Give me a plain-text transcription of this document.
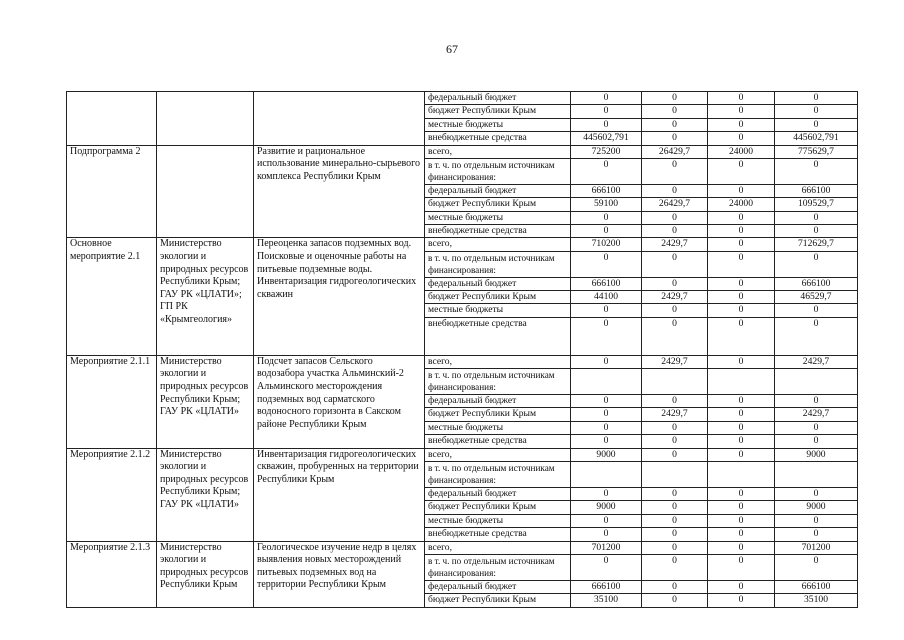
67
			федеральный бюджет	0	0	0	0
			бюджет Республики Крым	0	0	0	0
			местные бюджеты	0	0	0	0
			внебюджетные средства	445602,791	0	0	445602,791
Подпрограмма 2		Развитие и рациональное использование минерально-сырьевого комплекса Республики Крым	всего,	725200	26429,7	24000	775629,7
			в т. ч. по отдельным источникам финансирования:	0	0	0	0
			федеральный бюджет	666100	0	0	666100
			бюджет Республики Крым	59100	26429,7	24000	109529,7
			местные бюджеты	0	0	0	0
			внебюджетные средства	0	0	0	0
Основное мероприятие 2.1	Министерство экологии и природных ресурсов Республики Крым; ГАУ РК «ЦЛАТИ»; ГП РК «Крымгеология»	Переоценка запасов подземных вод. Поисковые и оценочные работы на питьевые подземные воды. Инвентаризация гидрогеологических скважин	всего,	710200	2429,7	0	712629,7
			в т. ч. по отдельным источникам финансирования:	0	0	0	0
			федеральный бюджет	666100	0	0	666100
			бюджет Республики Крым	44100	2429,7	0	46529,7
			местные бюджеты	0	0	0	0
			внебюджетные средства	0	0	0	0
Мероприятие 2.1.1	Министерство экологии и природных ресурсов Республики Крым; ГАУ РК «ЦЛАТИ»	Подсчет запасов Сельского водозабора участка Альминский-2 Альминского месторождения подземных вод сарматского водоносного горизонта в Сакском районе Республики Крым	всего,	0	2429,7	0	2429,7
			в т. ч. по отдельным источникам финансирования:				
			федеральный бюджет	0	0	0	0
			бюджет Республики Крым	0	2429,7	0	2429,7
			местные бюджеты	0	0	0	0
			внебюджетные средства	0	0	0	0
Мероприятие 2.1.2	Министерство экологии и природных ресурсов Республики Крым; ГАУ РК «ЦЛАТИ»	Инвентаризация гидрогеологических скважин, пробуренных на территории Республики Крым	всего,	9000	0	0	9000
			в т. ч. по отдельным источникам финансирования:				
			федеральный бюджет	0	0	0	0
			бюджет Республики Крым	9000	0	0	9000
			местные бюджеты	0	0	0	0
			внебюджетные средства	0	0	0	0
Мероприятие 2.1.3	Министерство экологии и природных ресурсов Республики Крым	Геологическое изучение недр в целях выявления новых месторождений питьевых подземных вод на территории Республики Крым	всего,	701200	0	0	701200
			в т. ч. по отдельным источникам финансирования:	0	0	0	0
			федеральный бюджет	666100	0	0	666100
			бюджет Республики Крым	35100	0	0	35100
